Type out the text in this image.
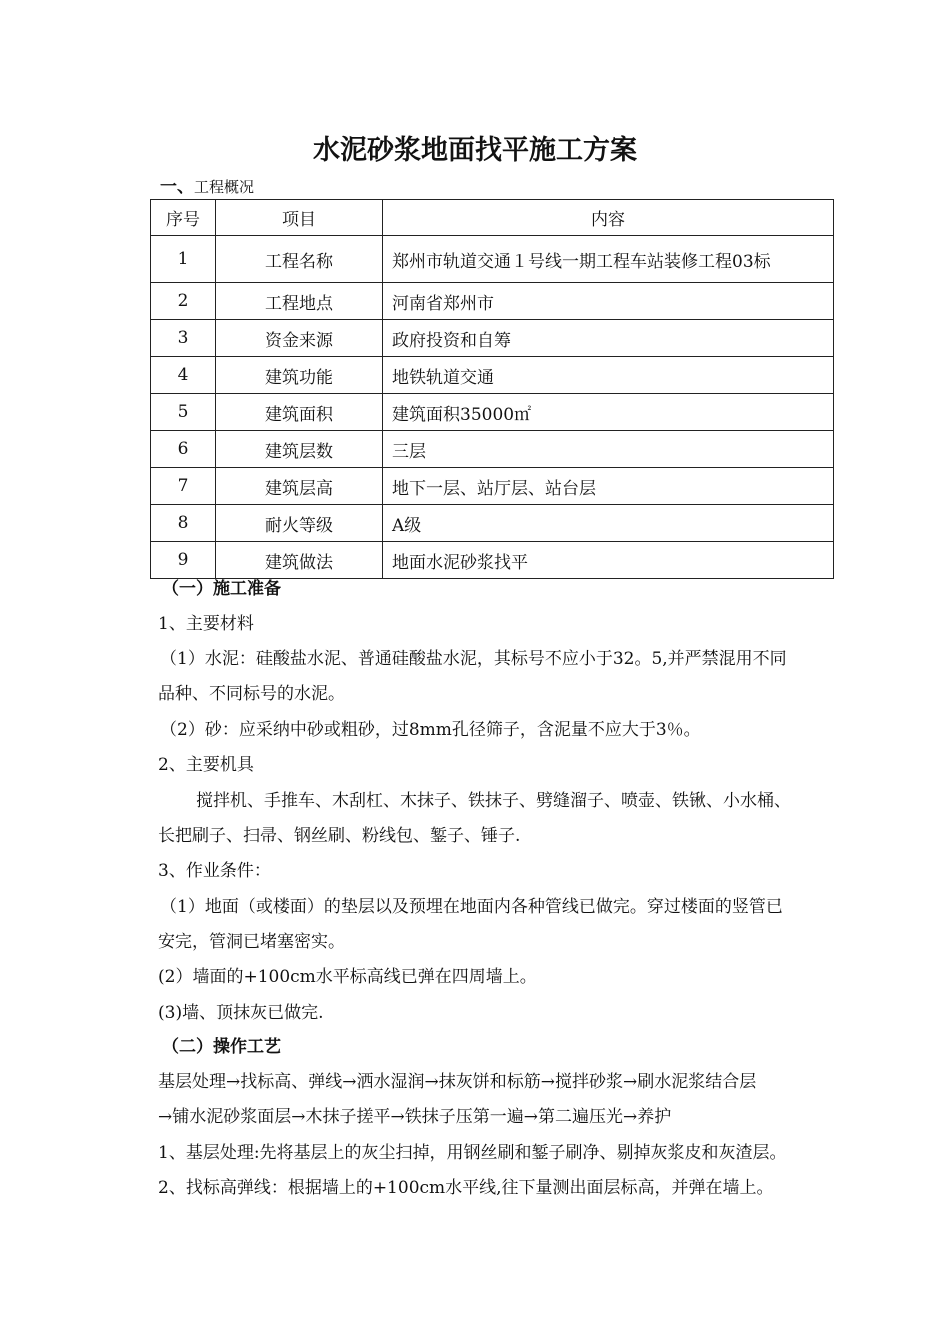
水泥砂浆地面找平施工方案
一、工程概况
序号	项目	内容
1	工程名称	郑州市轨道交通１号线一期工程车站装修工程03标
2	工程地点	河南省郑州市
3	资金来源	政府投资和自筹
4	建筑功能	地铁轨道交通
5	建筑面积	建筑面积35000㎡
6	建筑层数	三层
7	建筑层高	地下一层、站厅层、站台层
8	耐火等级	A级
9	建筑做法	地面水泥砂浆找平
（一）施工准备
1、主要材料
（1）水泥：硅酸盐水泥、普通硅酸盐水泥，其标号不应小于32。5,并严禁混用不同
品种、不同标号的水泥。
（2）砂：应采纳中砂或粗砂，过8mm孔径筛子，含泥量不应大于3％。
2、主要机具
搅拌机、手推车、木刮杠、木抹子、铁抹子、劈缝溜子、喷壶、铁锹、小水桶、
长把刷子、扫帚、钢丝刷、粉线包、錾子、锤子.
3、作业条件：
（1）地面（或楼面）的垫层以及预埋在地面内各种管线已做完。穿过楼面的竖管已
安完，管洞已堵塞密实。
(2）墙面的+100cm水平标高线已弹在四周墙上。
(3)墙、顶抹灰已做完.
（二）操作工艺
基层处理→找标高、弹线→洒水湿润→抹灰饼和标筋→搅拌砂浆→刷水泥浆结合层
→铺水泥砂浆面层→木抹子搓平→铁抹子压第一遍→第二遍压光→养护
1、基层处理:先将基层上的灰尘扫掉，用钢丝刷和錾子刷净、剔掉灰浆皮和灰渣层。
2、找标高弹线：根据墙上的+100cm水平线,往下量测出面层标高，并弹在墙上。
